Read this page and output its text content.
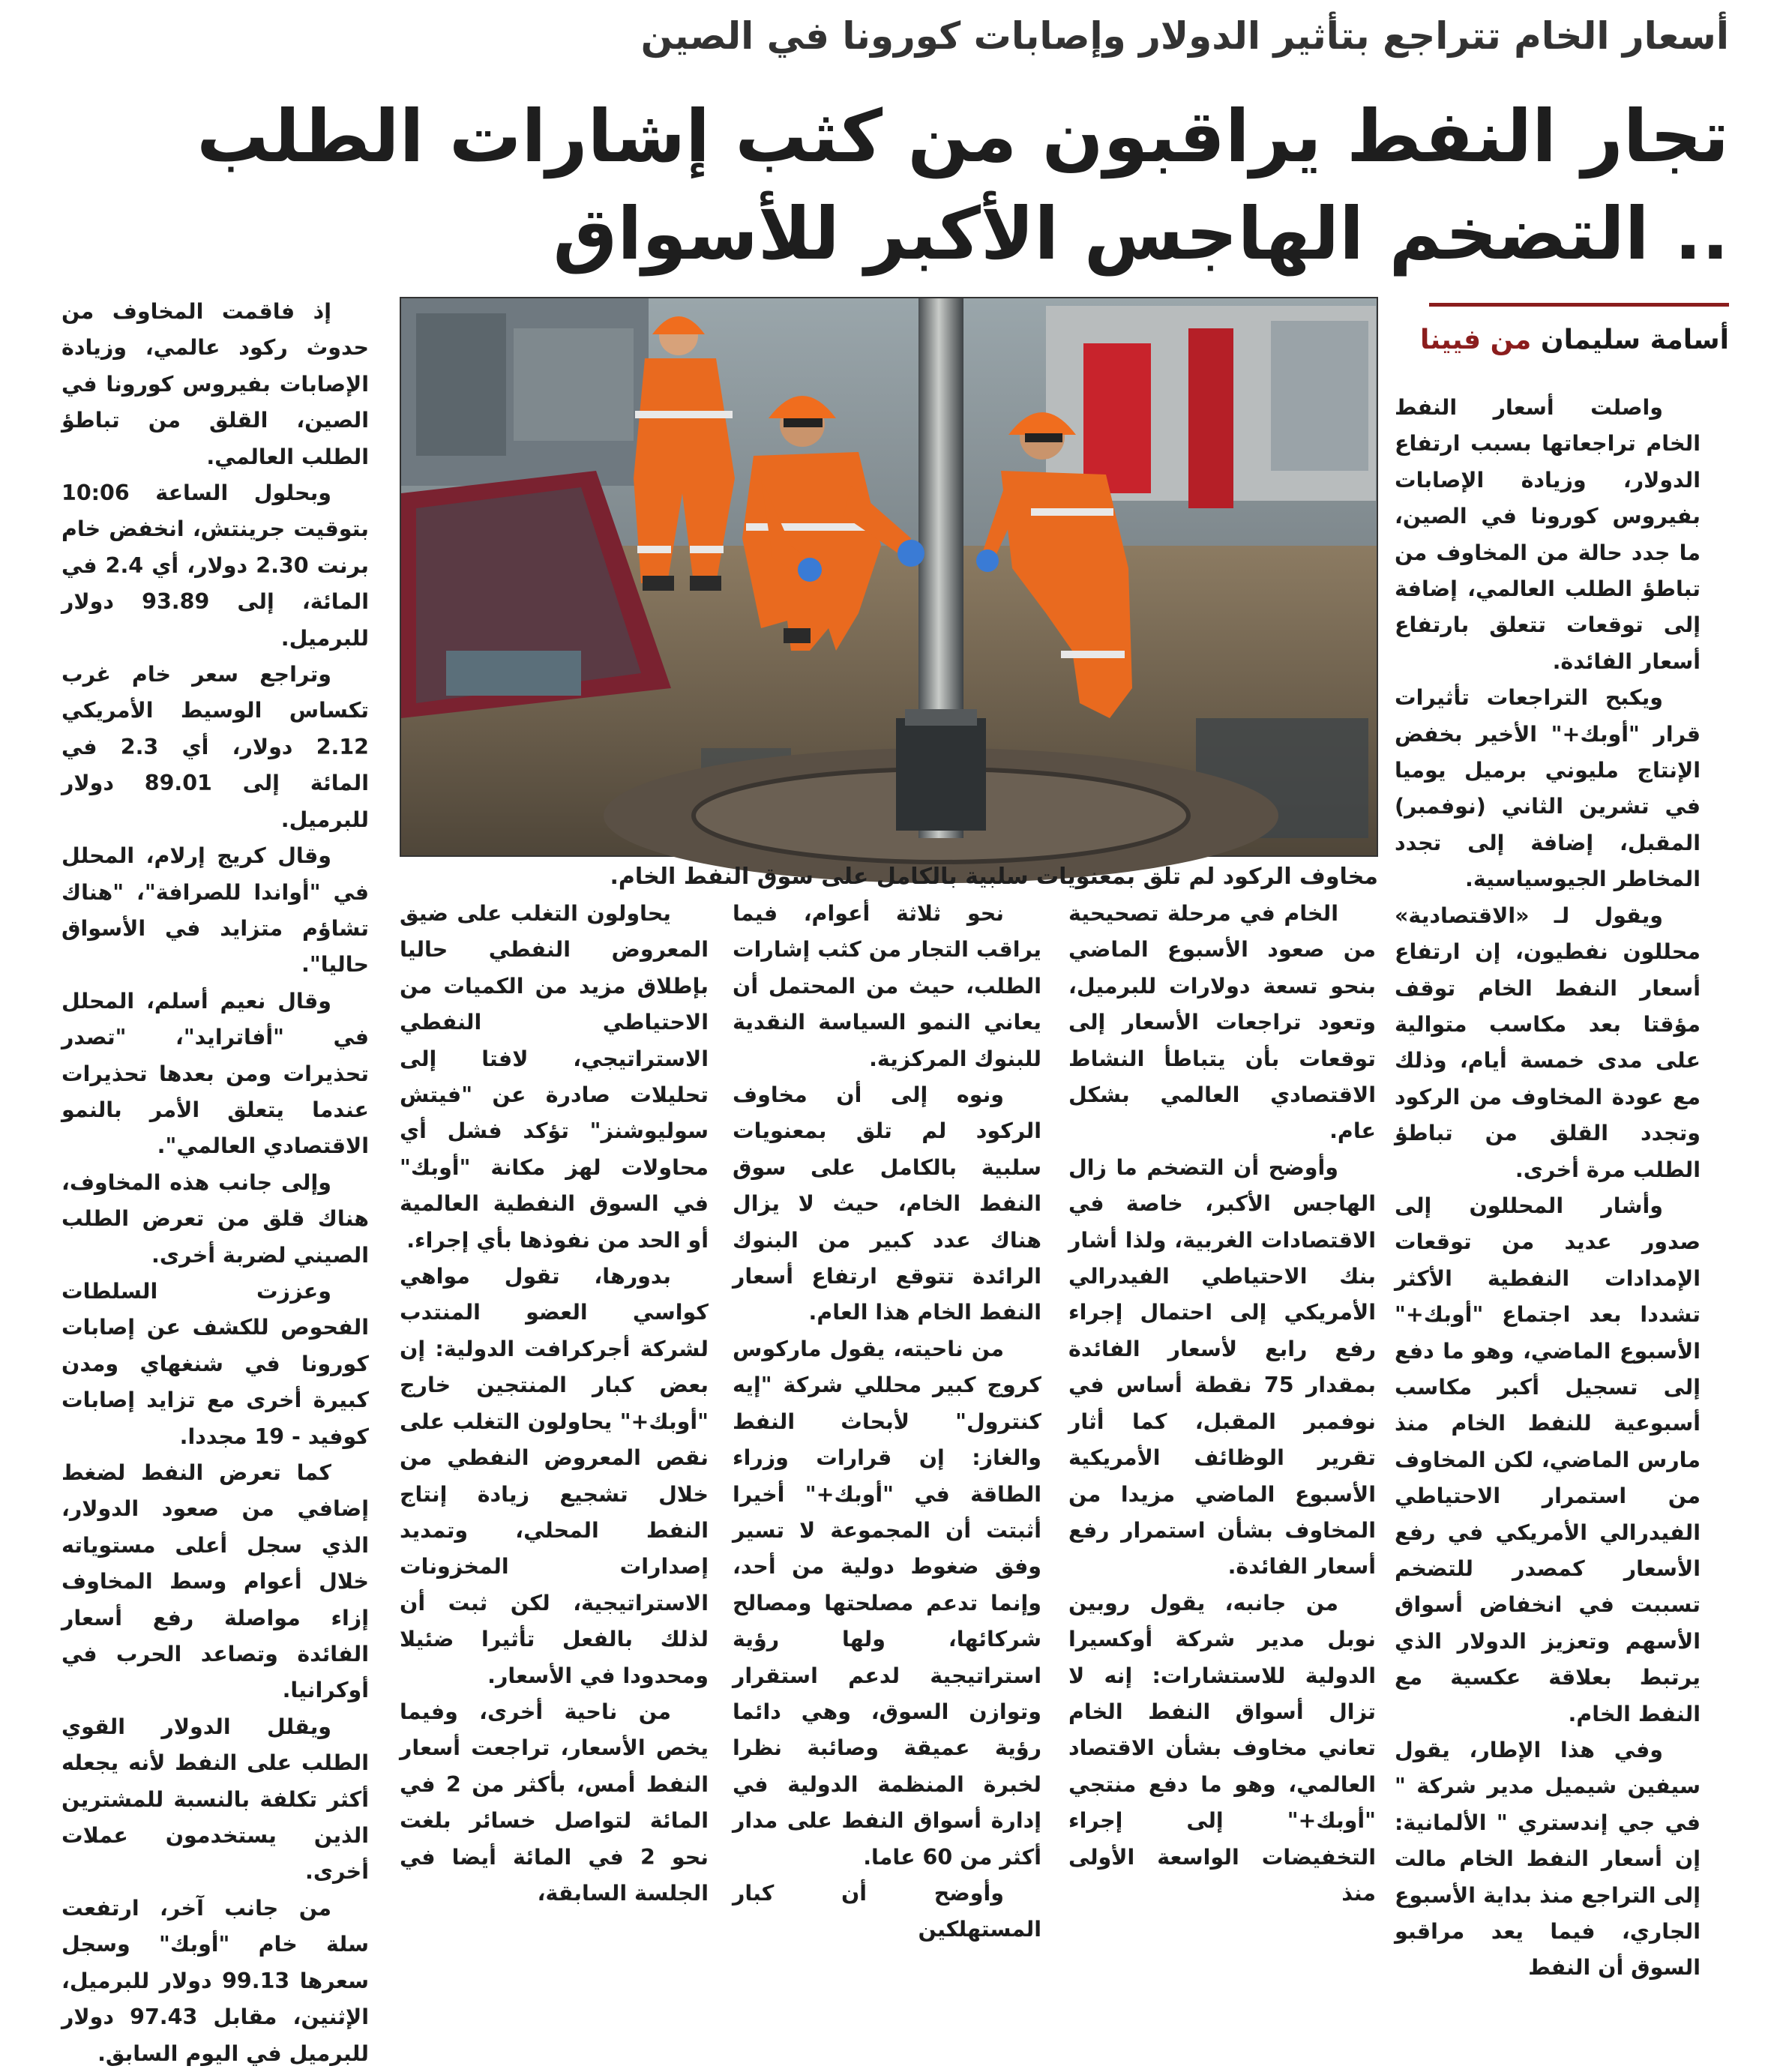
أسعار الخام تتراجع بتأثير الدولار وإصابات كورونا في الصين
تجار النفط يراقبون من كثب إشارات الطلب .. التضخم الهاجس الأكبر للأسواق
أسامة سليمان من فيينا
مخاوف الركود لم تلق بمعنويات سلبية بالكامل على سوق النفط الخام.

واصلت أسعار النفط الخام تراجعاتها بسبب ارتفاع الدولار، وزيادة الإصابات بفيروس كورونا في الصين، ما جدد حالة من المخاوف من تباطؤ الطلب العالمي، إضافة إلى توقعات تتعلق بارتفاع أسعار الفائدة.

ويكبح التراجعات تأثيرات قرار "أوبك+" الأخير بخفض الإنتاج مليوني برميل يوميا في تشرين الثاني (نوفمبر) المقبل، إضافة إلى تجدد المخاطر الجيوسياسية.

ويقول لـ «الاقتصادية» محللون نفطيون، إن ارتفاع أسعار النفط الخام توقف مؤقتا بعد مكاسب متوالية على مدى خمسة أيام، وذلك مع عودة المخاوف من الركود وتجدد القلق من تباطؤ الطلب مرة أخرى.

وأشار المحللون إلى صدور عديد من توقعات الإمدادات النفطية الأكثر تشددا بعد اجتماع "أوبك+" الأسبوع الماضي، وهو ما دفع إلى تسجيل أكبر مكاسب أسبوعية للنفط الخام منذ مارس الماضي، لكن المخاوف من استمرار الاحتياطي الفيدرالي الأمريكي في رفع الأسعار كمصدر للتضخم تسببت في انخفاض أسواق الأسهم وتعزيز الدولار الذي يرتبط بعلاقة عكسية مع النفط الخام.

وفي هذا الإطار، يقول سيفين شيميل مدير شركة " في جي إندستري " الألمانية: إن أسعار النفط الخام مالت إلى التراجع منذ بداية الأسبوع الجاري، فيما يعد مراقبو السوق أن النفط

الخام في مرحلة تصحيحية من صعود الأسبوع الماضي بنحو تسعة دولارات للبرميل، وتعود تراجعات الأسعار إلى توقعات بأن يتباطأ النشاط الاقتصادي العالمي بشكل عام.

وأوضح أن التضخم ما زال الهاجس الأكبر، خاصة في الاقتصادات الغربية، ولذا أشار بنك الاحتياطي الفيدرالي الأمريكي إلى احتمال إجراء رفع رابع لأسعار الفائدة بمقدار 75 نقطة أساس في نوفمبر المقبل، كما أثار تقرير الوظائف الأمريكية الأسبوع الماضي مزيدا من المخاوف بشأن استمرار رفع أسعار الفائدة.

من جانبه، يقول روبين نوبل مدير شركة أوكسيرا الدولية للاستشارات: إنه لا تزال أسواق النفط الخام تعاني مخاوف بشأن الاقتصاد العالمي، وهو ما دفع منتجي "أوبك+" إلى إجراء التخفيضات الواسعة الأولى منذ

نحو ثلاثة أعوام، فيما يراقب التجار من كثب إشارات الطلب، حيث من المحتمل أن يعاني النمو السياسة النقدية للبنوك المركزية.

ونوه إلى أن مخاوف الركود لم تلق بمعنويات سلبية بالكامل على سوق النفط الخام، حيث لا يزال هناك عدد كبير من البنوك الرائدة تتوقع ارتفاع أسعار النفط الخام هذا العام.

من ناحيته، يقول ماركوس كروج كبير محللي شركة "إيه كنترول" لأبحاث النفط والغاز: إن قرارات وزراء الطاقة في "أوبك+" أخيرا أثبتت أن المجموعة لا تسير وفق ضغوط دولية من أحد، وإنما تدعم مصلحتها ومصالح شركائها، ولها رؤية استراتيجية لدعم استقرار وتوازن السوق، وهي دائما رؤية عميقة وصائبة نظرا لخبرة المنظمة الدولية في إدارة أسواق النفط على مدار أكثر من 60 عاما.

وأوضح أن كبار المستهلكين

يحاولون التغلب على ضيق المعروض النفطي حاليا بإطلاق مزيد من الكميات من الاحتياطي النفطي الاستراتيجي، لافتا إلى تحليلات صادرة عن "فيتش سوليوشنز" تؤكد فشل أي محاولات لهز مكانة "أوبك" في السوق النفطية العالمية أو الحد من نفوذها بأي إجراء.

بدورها، تقول مواهي كواسي العضو المنتدب لشركة أجركرافت الدولية: إن بعض كبار المنتجين خارج "أوبك+" يحاولون التغلب على نقص المعروض النفطي من خلال تشجيع زيادة إنتاج النفط المحلي، وتمديد إصدارات المخزونات الاستراتيجية، لكن ثبت أن لذلك بالفعل تأثيرا ضئيلا ومحدودا في الأسعار.

من ناحية أخرى، وفيما يخص الأسعار، تراجعت أسعار النفط أمس، بأكثر من 2 في المائة لتواصل خسائر بلغت نحو 2 في المائة أيضا في الجلسة السابقة،

إذ فاقمت المخاوف من حدوث ركود عالمي، وزيادة الإصابات بفيروس كورونا في الصين، القلق من تباطؤ الطلب العالمي.

وبحلول الساعة 10:06 بتوقيت جرينتش، انخفض خام برنت 2.30 دولار، أي 2.4 في المائة، إلى 93.89 دولار للبرميل.

وتراجع سعر خام غرب تكساس الوسيط الأمريكي 2.12 دولار، أي 2.3 في المائة إلى 89.01 دولار للبرميل.

وقال كريج إرلام، المحلل في "أواندا للصرافة"، "هناك تشاؤم متزايد في الأسواق حاليا".

وقال نعيم أسلم، المحلل في "أفاترايد"، "تصدر تحذيرات ومن بعدها تحذيرات عندما يتعلق الأمر بالنمو الاقتصادي العالمي".

وإلى جانب هذه المخاوف، هناك قلق من تعرض الطلب الصيني لضربة أخرى.

وعززت السلطات الفحوص للكشف عن إصابات كورونا في شنغهاي ومدن كبيرة أخرى مع تزايد إصابات كوفيد - 19 مجددا.

كما تعرض النفط لضغط إضافي من صعود الدولار، الذي سجل أعلى مستوياته خلال أعوام وسط المخاوف إزاء مواصلة رفع أسعار الفائدة وتصاعد الحرب في أوكرانيا.

ويقلل الدولار القوي الطلب على النفط لأنه يجعله أكثر تكلفة بالنسبة للمشترين الذين يستخدمون عملات أخرى.

من جانب آخر، ارتفعت سلة خام "أوبك" وسجل سعرها 99.13 دولار للبرميل، الإثنين، مقابل 97.43 دولار للبرميل في اليوم السابق.
